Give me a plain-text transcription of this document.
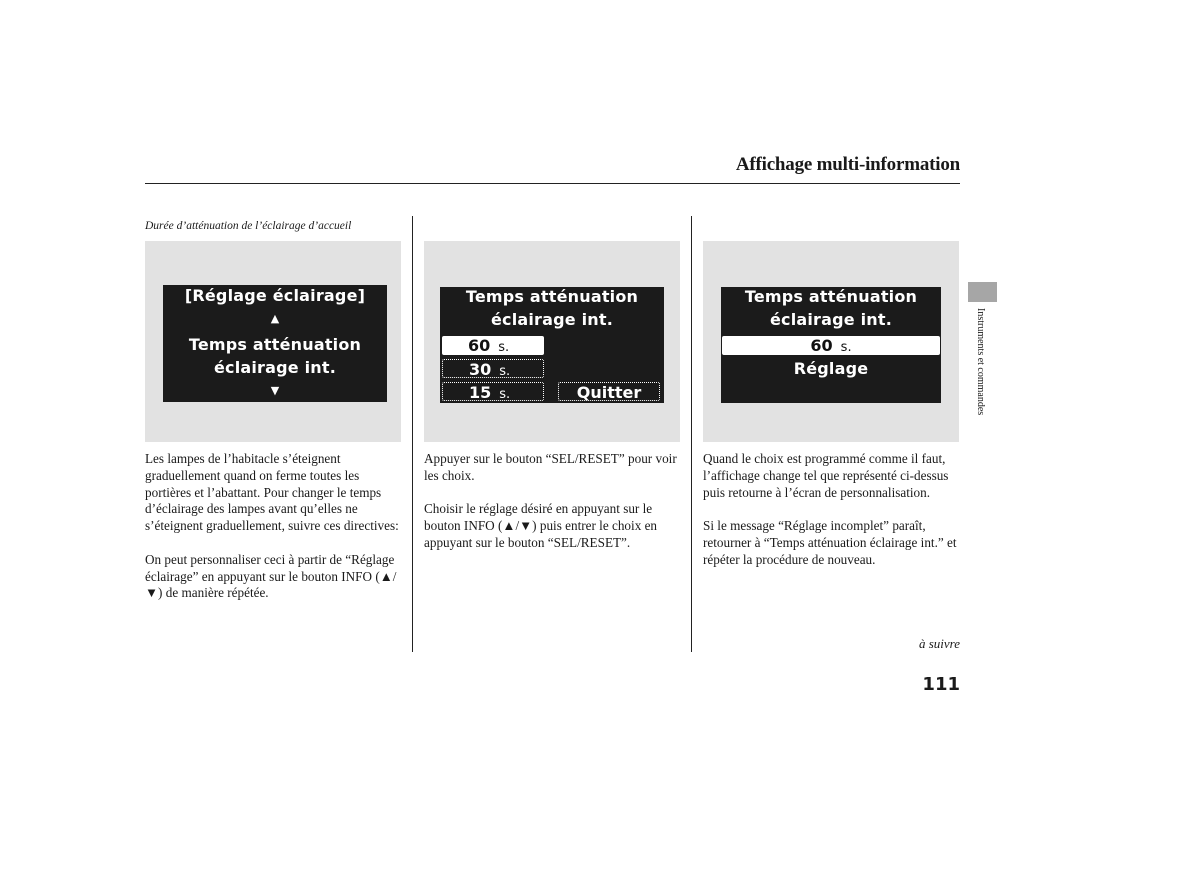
Affichage multi-information
Durée d’atténuation de l’éclairage d’accueil
[Réglage éclairage]
▲
Temps atténuation
éclairage int.
▼
Temps atténuation
éclairage int.
60 s.
30 s.
15 s.	Quitter
Temps atténuation
éclairage int.
60 s.
Réglage

Les lampes de l’habitacle s’éteignent graduellement quand on ferme toutes les portières et l’abattant. Pour changer le temps d’éclairage des lampes avant qu’elles ne s’éteignent graduellement, suivre ces directives:

On peut personnaliser ceci à partir de “Réglage éclairage” en appuyant sur le bouton INFO (▲/▼) de manière répétée.

Appuyer sur le bouton “SEL/RESET” pour voir les choix.

Choisir le réglage désiré en appuyant sur le bouton INFO (▲/▼) puis entrer le choix en appuyant sur le bouton “SEL/RESET”.

Quand le choix est programmé comme il faut, l’affichage change tel que représenté ci-dessus puis retourne à l’écran de personnalisation.

Si le message “Réglage incomplet” paraît, retourner à “Temps atténuation éclairage int.” et répéter la procédure de nouveau.

Instruments et commandes
à suivre
111
